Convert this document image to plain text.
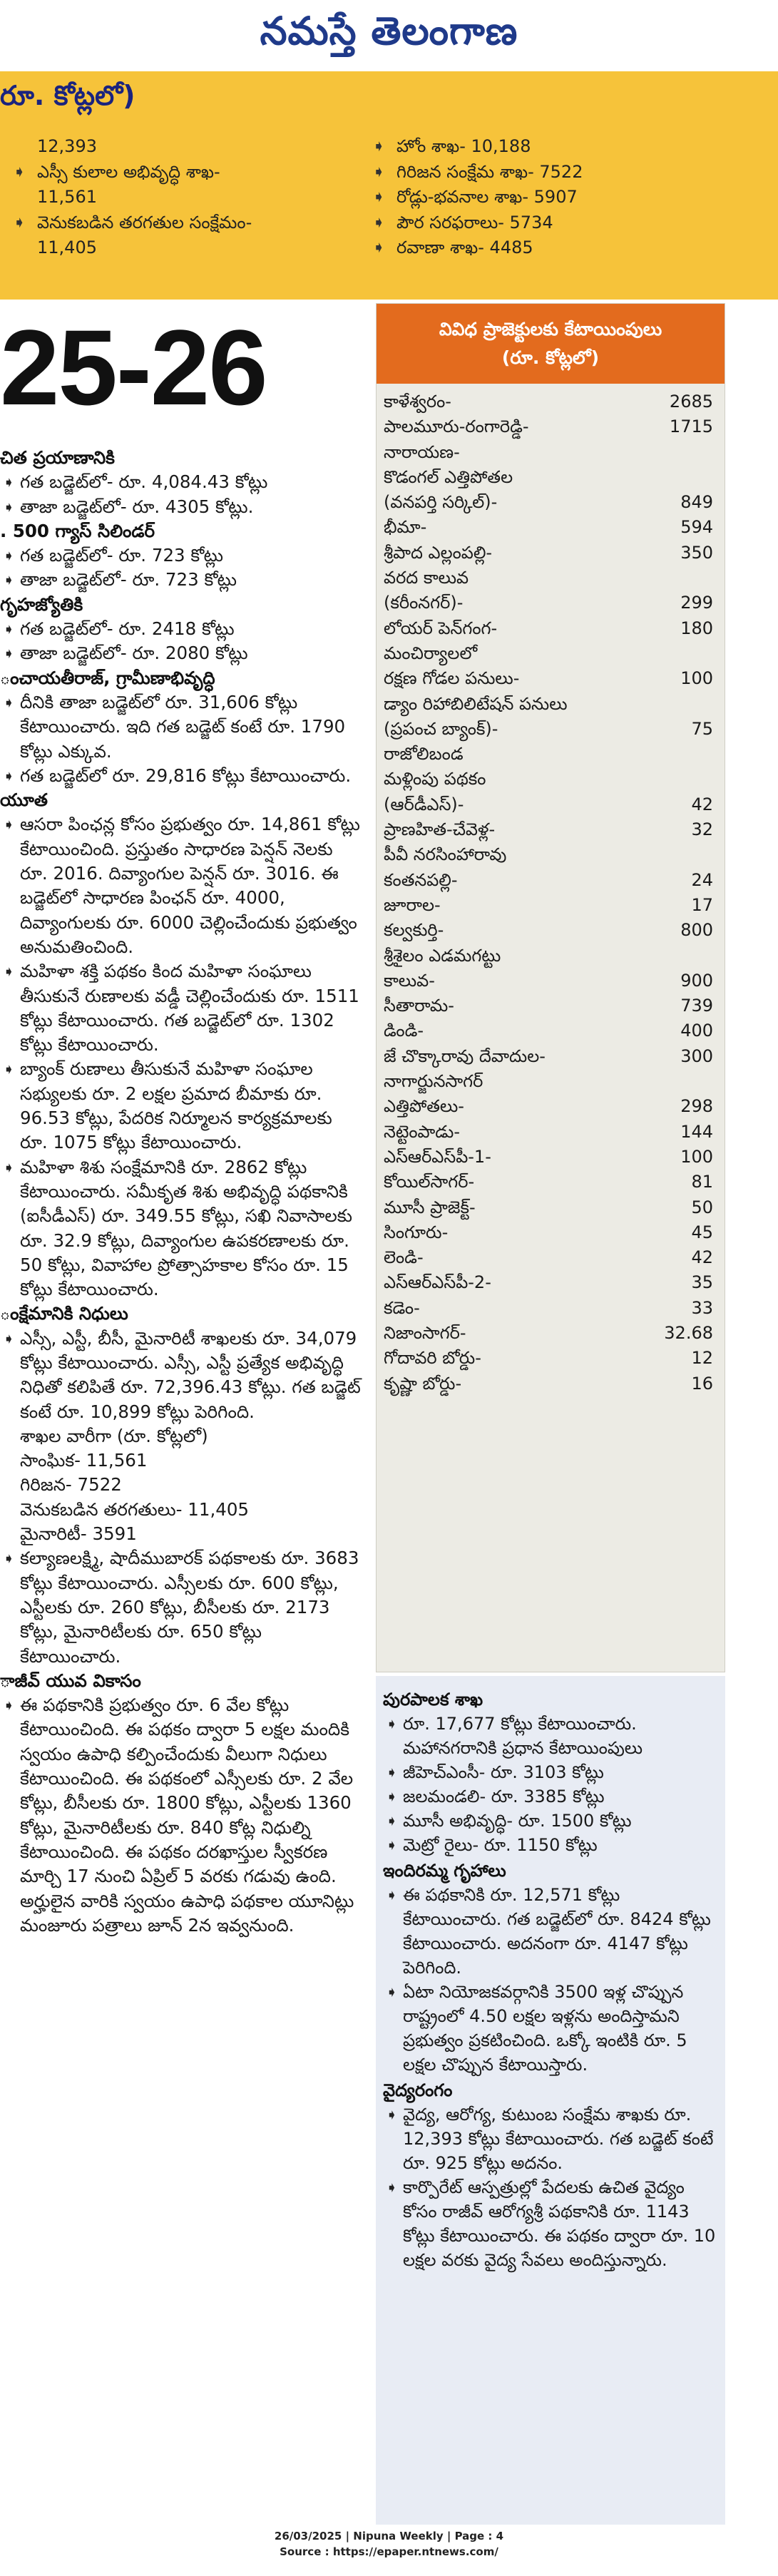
నమస్తే తెలంగాణ
రూ. కోట్లలో)
12,393
➧ ఎస్సీ కులాల అభివృద్ధి శాఖ-
11,561
➧ వెనుకబడిన తరగతుల సంక్షేమం-
11,405
➧ హోం శాఖ- 10,188
➧ గిరిజన సంక్షేమ శాఖ- 7522
➧ రోడ్లు-భవనాల శాఖ- 5907
➧ పౌర సరఫరాలు- 5734
➧ రవాణా శాఖ- 4485
25-26
చిత ప్రయాణానికి
➧ గత బడ్జెట్‌లో- రూ. 4,084.43 కోట్లు
➧ తాజా బడ్జెట్‌లో- రూ. 4305 కోట్లు.
. 500 గ్యాస్ సిలిండర్
➧ గత బడ్జెట్‌లో- రూ. 723 కోట్లు
➧ తాజా బడ్జెట్‌లో- రూ. 723 కోట్లు
గృహజ్యోతికి
➧ గత బడ్జెట్‌లో- రూ. 2418 కోట్లు
➧ తాజా బడ్జెట్‌లో- రూ. 2080 కోట్లు
ంచాయతీరాజ్, గ్రామీణాభివృద్ధి
➧ దీనికి తాజా బడ్జెట్‌లో రూ. 31,606 కోట్లు కేటాయించారు. ఇది గత బడ్జెట్ కంటే రూ. 1790 కోట్లు ఎక్కువ.
➧ గత బడ్జెట్‌లో రూ. 29,816 కోట్లు కేటాయించారు.
యూత
➧ ఆసరా పింఛన్ల కోసం ప్రభుత్వం రూ. 14,861 కోట్లు కేటాయించింది. ప్రస్తుతం సాధారణ పెన్షన్ నెలకు రూ. 2016. దివ్యాంగుల పెన్షన్ రూ. 3016. ఈ బడ్జెట్‌లో సాధారణ పింఛన్ రూ. 4000, దివ్యాంగులకు రూ. 6000 చెల్లించేందుకు ప్రభుత్వం అనుమతించింది.
➧ మహిళా శక్తి పథకం కింద మహిళా సంఘాలు తీసుకునే రుణాలకు వడ్డీ చెల్లించేందుకు రూ. 1511 కోట్లు కేటాయించారు. గత బడ్జెట్‌లో రూ. 1302 కోట్లు కేటాయించారు.
➧ బ్యాంక్ రుణాలు తీసుకునే మహిళా సంఘాల సభ్యులకు రూ. 2 లక్షల ప్రమాద బీమాకు రూ. 96.53 కోట్లు, పేదరిక నిర్మూలన కార్యక్రమాలకు రూ. 1075 కోట్లు కేటాయించారు.
➧ మహిళా శిశు సంక్షేమానికి రూ. 2862 కోట్లు కేటాయించారు. సమీకృత శిశు అభివృద్ధి పథకానికి (ఐసీడీఎస్) రూ. 349.55 కోట్లు, సఖి నివాసాలకు రూ. 32.9 కోట్లు, దివ్యాంగుల ఉపకరణాలకు రూ. 50 కోట్లు, వివాహాల ప్రోత్సాహకాల కోసం రూ. 15 కోట్లు కేటాయించారు.
ంక్షేమానికి నిధులు
➧ ఎస్సీ, ఎస్టీ, బీసీ, మైనారిటీ శాఖలకు రూ. 34,079 కోట్లు కేటాయించారు. ఎస్సీ, ఎస్టీ ప్రత్యేక అభివృద్ధి నిధితో కలిపితే రూ. 72,396.43 కోట్లు. గత బడ్జెట్ కంటే రూ. 10,899 కోట్లు పెరిగింది.
శాఖల వారీగా (రూ. కోట్లలో)
సాంఘిక- 11,561
గిరిజన- 7522
వెనుకబడిన తరగతులు- 11,405
మైనారిటీ- 3591
➧ కల్యాణలక్ష్మి, షాదీముబారక్ పథకాలకు రూ. 3683 కోట్లు కేటాయించారు. ఎస్సీలకు రూ. 600 కోట్లు, ఎస్టీలకు రూ. 260 కోట్లు, బీసీలకు రూ. 2173 కోట్లు, మైనారిటీలకు రూ. 650 కోట్లు కేటాయించారు.
ాజీవ్ యువ వికాసం
➧ ఈ పథకానికి ప్రభుత్వం రూ. 6 వేల కోట్లు కేటాయించింది. ఈ పథకం ద్వారా 5 లక్షల మందికి స్వయం ఉపాధి కల్పించేందుకు వీలుగా నిధులు కేటాయించింది. ఈ పథకంలో ఎస్సీలకు రూ. 2 వేల కోట్లు, బీసీలకు రూ. 1800 కోట్లు, ఎస్టీలకు 1360 కోట్లు, మైనారిటీలకు రూ. 840 కోట్ల నిధుల్ని కేటాయించింది. ఈ పథకం దరఖాస్తుల స్వీకరణ మార్చి 17 నుంచి ఏప్రిల్ 5 వరకు గడువు ఉంది. అర్హులైన వారికి స్వయం ఉపాధి పథకాల యూనిట్లు మంజూరు పత్రాలు జూన్ 2న ఇవ్వనుంది.
వివిధ ప్రాజెక్టులకు కేటాయింపులు
(రూ. కోట్లలో)
కాళేశ్వరం-	2685
పాలమూరు-రంగారెడ్డి-	1715
నారాయణ-
కొడంగల్ ఎత్తిపోతల
(వనపర్తి సర్కిల్)-	849
భీమా-	594
శ్రీపాద ఎల్లంపల్లి-	350
వరద కాలువ
(కరీంనగర్)-	299
లోయర్ పెన్‌గంగ-	180
మంచిర్యాలలో
రక్షణ గోడల పనులు-	100
డ్యాం రిహాబిలిటేషన్ పనులు
(ప్రపంచ బ్యాంక్)-	75
రాజోలిబండ
మళ్లింపు పథకం
(ఆర్‌డీఎస్)-	42
ప్రాణహిత-చేవెళ్ల-	32
పీవీ నరసింహారావు
కంతనపల్లి-	24
జూరాల-	17
కల్వకుర్తి-	800
శ్రీశైలం ఎడమగట్టు
కాలువ-	900
సీతారామ-	739
డిండి-	400
జే చొక్కారావు దేవాదుల-	300
నాగార్జునసాగర్
ఎత్తిపోతలు-	298
నెట్టెంపాడు-	144
ఎస్ఆర్ఎస్‌పీ-1-	100
కోయిల్‌సాగర్-	81
మూసీ ప్రాజెక్ట్-	50
సింగూరు-	45
లెండి-	42
ఎస్ఆర్ఎస్‌పీ-2-	35
కడెం-	33
నిజాంసాగర్-	32.68
గోదావరి బోర్డు-	12
కృష్ణా బోర్డు-	16
పురపాలక శాఖ
➧ రూ. 17,677 కోట్లు కేటాయించారు. మహానగరానికి ప్రధాన కేటాయింపులు
➧ జీహెచ్‌ఎంసీ- రూ. 3103 కోట్లు
➧ జలమండలి- రూ. 3385 కోట్లు
➧ మూసీ అభివృద్ధి- రూ. 1500 కోట్లు
➧ మెట్రో రైలు- రూ. 1150 కోట్లు
ఇందిరమ్మ గృహాలు
➧ ఈ పథకానికి రూ. 12,571 కోట్లు కేటాయించారు. గత బడ్జెట్‌లో రూ. 8424 కోట్లు కేటాయించారు. అదనంగా రూ. 4147 కోట్లు పెరిగింది.
➧ ఏటా నియోజకవర్గానికి 3500 ఇళ్ల చొప్పున రాష్ట్రంలో 4.50 లక్షల ఇళ్లను అందిస్తామని ప్రభుత్వం ప్రకటించింది. ఒక్కో ఇంటికి రూ. 5 లక్షల చొప్పున కేటాయిస్తారు.
వైద్యరంగం
➧ వైద్య, ఆరోగ్య, కుటుంబ సంక్షేమ శాఖకు రూ. 12,393 కోట్లు కేటాయించారు. గత బడ్జెట్ కంటే రూ. 925 కోట్లు అదనం.
➧ కార్పొరేట్ ఆస్పత్రుల్లో పేదలకు ఉచిత వైద్యం కోసం రాజీవ్ ఆరోగ్యశ్రీ పథకానికి రూ. 1143 కోట్లు కేటాయించారు. ఈ పథకం ద్వారా రూ. 10 లక్షల వరకు వైద్య సేవలు అందిస్తున్నారు.
26/03/2025 | Nipuna Weekly | Page : 4
Source : https://epaper.ntnews.com/
